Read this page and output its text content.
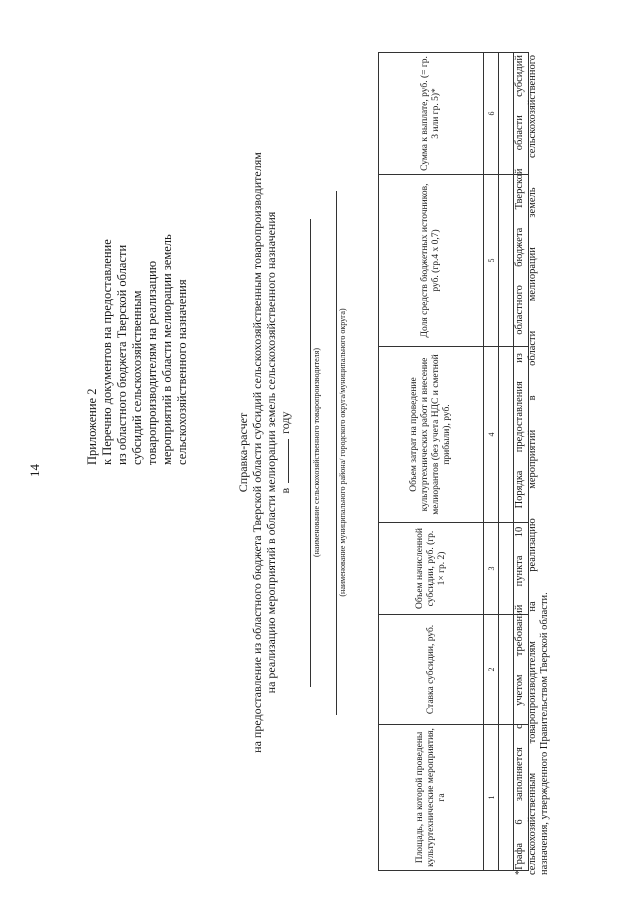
14
Приложение 2 к Перечню документов на предоставление из областного бюджета Тверской области субсидий сельскохозяйственным товаропроизводителям на реализацию мероприятий в области мелиорации земель сельскохозяйственного назначения	Справка-расчет на предоставление из областного бюджета Тверской области субсидий сельскохозяйственным товаропроизводителям на реализацию мероприятий в области мелиорации земель сельскохозяйственного назначения в  году	(наименование сельскохозяйственного товаропроизводителя) (наименование муниципального района/ городского округа/муниципального округа)
Площадь, на которой проведены культуртехнические мероприятия, га	Ставка субсидии, руб.	Объем начисленной субсидии, руб. (гр. 1× гр. 2)	Объем затрат на проведение культуртехнических работ и внесение мелиорантов (без учета НДС и сметной прибыли), руб.	Доля средств бюджетных источников, руб. (гр.4 х 0,7)	Сумма к выплате, руб. (= гр. 3 или гр. 5)*
1	2	3	4	5	6

					*Графа 6 заполняется с учетом требований пункта 10 Порядка предоставления из областного бюджета Тверской области субсидий сельскохозяйственным товаропроизводителям на реализацию мероприятий в области мелиорации земель сельскохозяйственного назначения, утвержденного Правительством Тверской области.
